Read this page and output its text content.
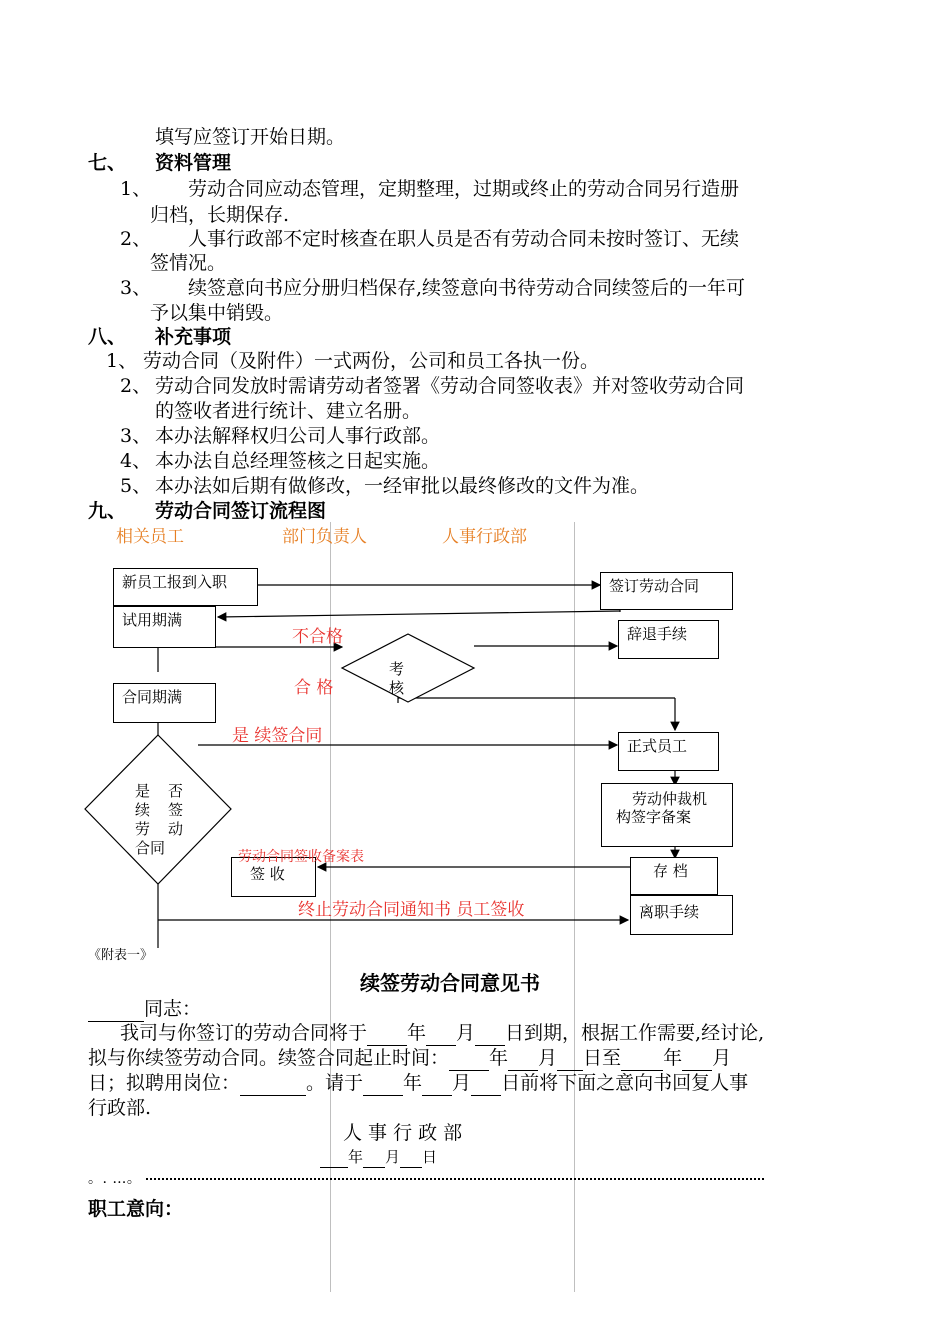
填写应签订开始日期。
七、 资料管理
1、 劳动合同应动态管理，定期整理，过期或终止的劳动合同另行造册
归档，长期保存.
2、 人事行政部不定时核查在职人员是否有劳动合同未按时签订、无续
签情况。
3、 续签意向书应分册归档保存,续签意向书待劳动合同续签后的一年可
予以集中销毁。
八、 补充事项
1、 劳动合同（及附件）一式两份，公司和员工各执一份。
2、 劳动合同发放时需请劳动者签署《劳动合同签收表》并对签收劳动合同
的签收者进行统计、建立名册。
3、 本办法解释权归公司人事行政部。
4、 本办法自总经理签核之日起实施。
5、 本办法如后期有做修改，一经审批以最终修改的文件为准。
九、 劳动合同签订流程图
相关员工	部门负责人	人事行政部
新员工报到入职
试用期满
合同期满
签订劳动合同
辞退手续
正式员工
劳动仲裁机
构签字备案
存 档
签 收
离职手续
考
核
是 否
续 签
劳 动
合同
不合格
合 格
是 续签合同
劳动合同签收备案表
终止劳动合同通知书 员工签收
《附表一》
续签劳动合同意见书
同志：
我司与你签订的劳动合同将于 年 月 日到期，根据工作需要,经讨论,
拟与你续签劳动合同。续签合同起止时间： 年 月 日至 年 月
日；拟聘用岗位：	。请于 年 月 日前将下面之意向书回复人事
行政部.
人 事 行 政 部
年 月 日
。. …。
职工意向：
